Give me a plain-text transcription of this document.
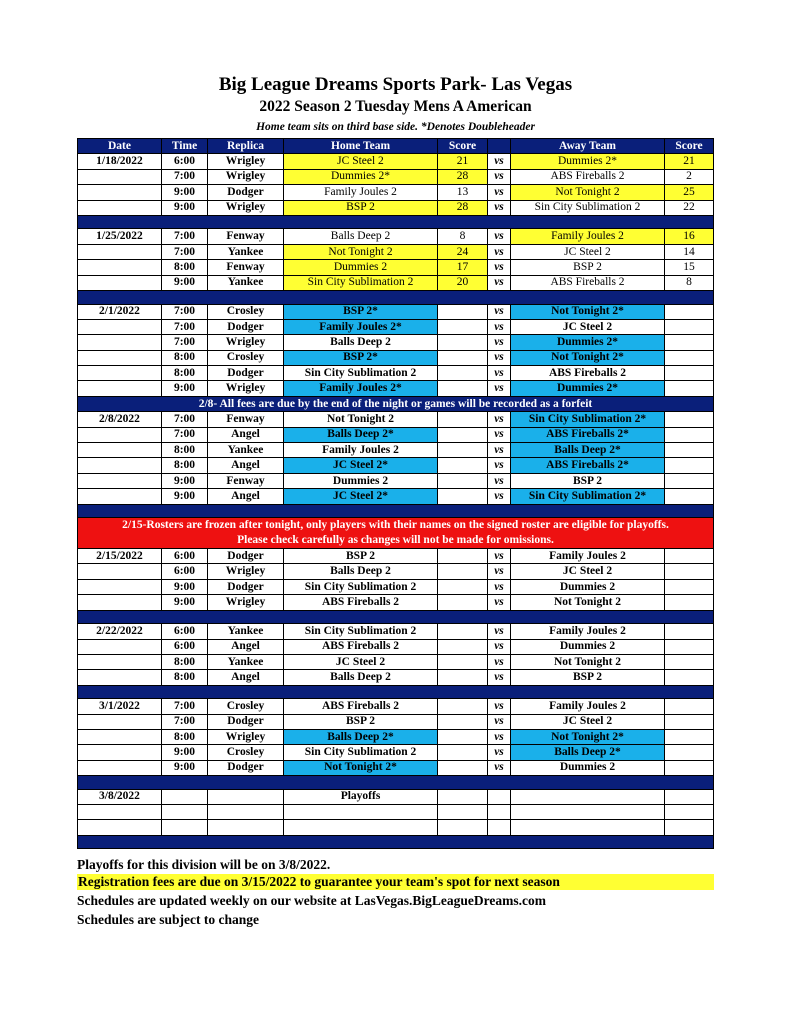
Big League Dreams Sports Park- Las Vegas
2022 Season 2 Tuesday Mens A American
Home team sits on third base side. *Denotes Doubleheader
Date	Time	Replica	Home Team	Score		Away Team	Score
1/18/2022	6:00	Wrigley	JC Steel 2	21	vs	Dummies 2*	21
	7:00	Wrigley	Dummies 2*	28	vs	ABS Fireballs 2	2
	9:00	Dodger	Family Joules 2	13	vs	Not Tonight 2	25
	9:00	Wrigley	BSP 2	28	vs	Sin City Sublimation 2	22

1/25/2022	7:00	Fenway	Balls Deep 2	8	vs	Family Joules 2	16
	7:00	Yankee	Not Tonight 2	24	vs	JC Steel 2	14
	8:00	Fenway	Dummies 2	17	vs	BSP 2	15
	9:00	Yankee	Sin City Sublimation 2	20	vs	ABS Fireballs 2	8

2/1/2022	7:00	Crosley	BSP 2*		vs	Not Tonight 2*	
	7:00	Dodger	Family Joules 2*		vs	JC Steel 2	
	7:00	Wrigley	Balls Deep 2		vs	Dummies 2*	
	8:00	Crosley	BSP 2*		vs	Not Tonight 2*	
	8:00	Dodger	Sin City Sublimation 2		vs	ABS Fireballs 2	
	9:00	Wrigley	Family Joules 2*		vs	Dummies 2*	
2/8- All fees are due by the end of the night or games will be recorded as a forfeit							
2/8/2022	7:00	Fenway	Not Tonight 2		vs	Sin City Sublimation 2*	
	7:00	Angel	Balls Deep 2*		vs	ABS Fireballs 2*	
	8:00	Yankee	Family Joules 2		vs	Balls Deep 2*	
	8:00	Angel	JC Steel 2*		vs	ABS Fireballs 2*	
	9:00	Fenway	Dummies 2		vs	BSP 2	
	9:00	Angel	JC Steel 2*		vs	Sin City Sublimation 2*	

2/15-Rosters are frozen after tonight, only players with their names on the signed roster are eligible for playoffs.
Please check carefully as changes will not be made for omissions.							

2/15/2022	6:00	Dodger	BSP 2		vs	Family Joules 2	
	6:00	Wrigley	Balls Deep 2		vs	JC Steel 2	
	9:00	Dodger	Sin City Sublimation 2		vs	Dummies 2	
	9:00	Wrigley	ABS Fireballs 2		vs	Not Tonight 2	

2/22/2022	6:00	Yankee	Sin City Sublimation 2		vs	Family Joules 2	
	6:00	Angel	ABS Fireballs 2		vs	Dummies 2	
	8:00	Yankee	JC Steel 2		vs	Not Tonight 2	
	8:00	Angel	Balls Deep 2		vs	BSP 2	

3/1/2022	7:00	Crosley	ABS Fireballs 2		vs	Family Joules 2	
	7:00	Dodger	BSP 2		vs	JC Steel 2	
	8:00	Wrigley	Balls Deep 2*		vs	Not Tonight 2*	
	9:00	Crosley	Sin City Sublimation 2		vs	Balls Deep 2*	
	9:00	Dodger	Not Tonight 2*		vs	Dummies 2	

3/8/2022			Playoffs				

Playoffs for this division will be on 3/8/2022.
Registration fees are due on 3/15/2022 to guarantee your team's spot for next season
Schedules are updated weekly on our website at LasVegas.BigLeagueDreams.com
Schedules are subject to change
